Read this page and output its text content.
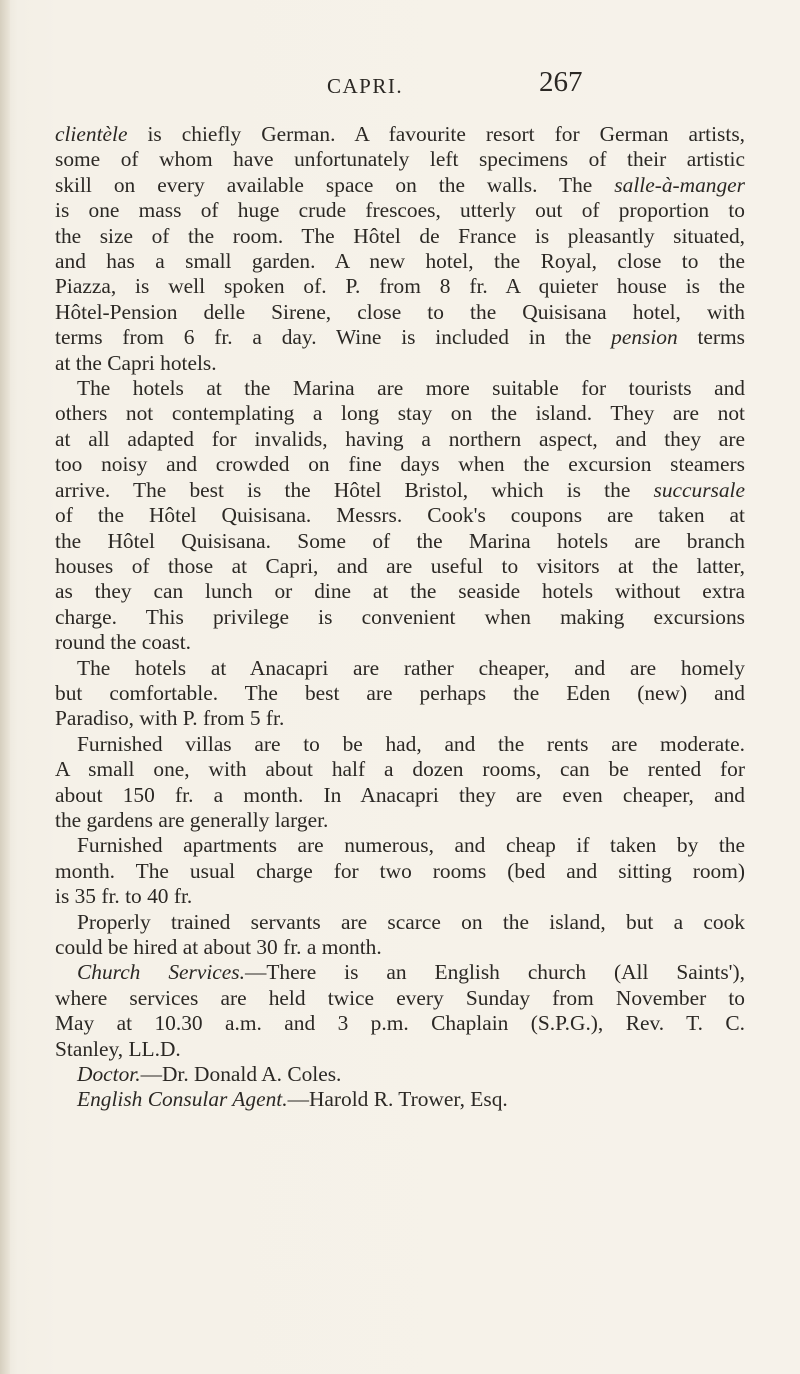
CAPRI.	267
clientèle is chiefly German. A favourite resort for German artists,
some of whom have unfortunately left specimens of their artistic
skill on every available space on the walls. The salle-à-manger
is one mass of huge crude frescoes, utterly out of proportion to
the size of the room. The Hôtel de France is pleasantly situated,
and has a small garden. A new hotel, the Royal, close to the
Piazza, is well spoken of. P. from 8 fr. A quieter house is the
Hôtel-Pension delle Sirene, close to the Quisisana hotel, with
terms from 6 fr. a day. Wine is included in the pension terms
at the Capri hotels.
The hotels at the Marina are more suitable for tourists and
others not contemplating a long stay on the island. They are not
at all adapted for invalids, having a northern aspect, and they are
too noisy and crowded on fine days when the excursion steamers
arrive. The best is the Hôtel Bristol, which is the succursale
of the Hôtel Quisisana. Messrs. Cook's coupons are taken at
the Hôtel Quisisana. Some of the Marina hotels are branch
houses of those at Capri, and are useful to visitors at the latter,
as they can lunch or dine at the seaside hotels without extra
charge. This privilege is convenient when making excursions
round the coast.
The hotels at Anacapri are rather cheaper, and are homely
but comfortable. The best are perhaps the Eden (new) and
Paradiso, with P. from 5 fr.
Furnished villas are to be had, and the rents are moderate.
A small one, with about half a dozen rooms, can be rented for
about 150 fr. a month. In Anacapri they are even cheaper, and
the gardens are generally larger.
Furnished apartments are numerous, and cheap if taken by the
month. The usual charge for two rooms (bed and sitting room)
is 35 fr. to 40 fr.
Properly trained servants are scarce on the island, but a cook
could be hired at about 30 fr. a month.
Church Services.—There is an English church (All Saints'),
where services are held twice every Sunday from November to
May at 10.30 a.m. and 3 p.m. Chaplain (S.P.G.), Rev. T. C.
Stanley, LL.D.
Doctor.—Dr. Donald A. Coles.
English Consular Agent.—Harold R. Trower, Esq.
